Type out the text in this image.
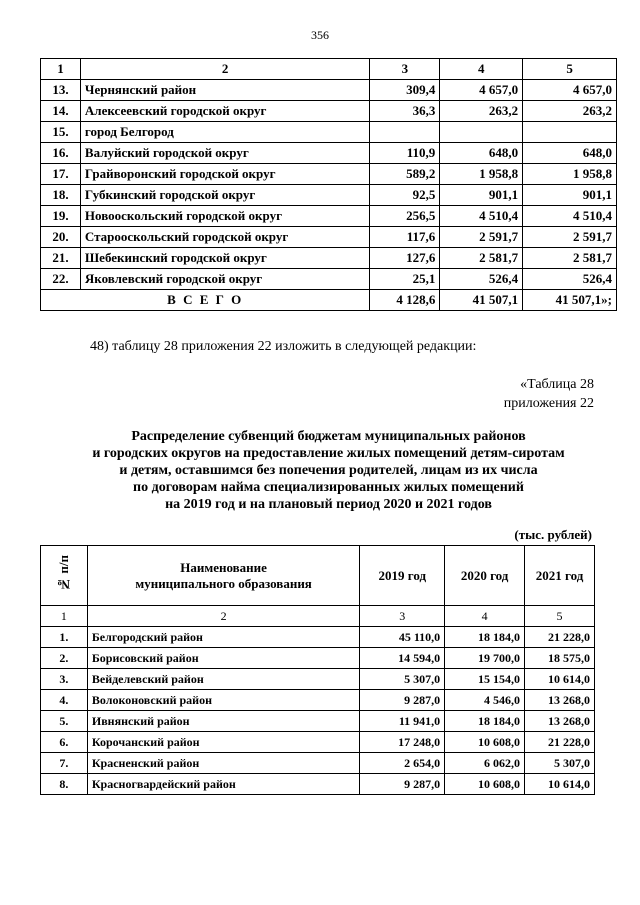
356
1	2	3	4	5
13.	Чернянский район	309,4	4 657,0	4 657,0
14.	Алексеевский городской округ	36,3	263,2	263,2
15.	город Белгород			
16.	Валуйский городской округ	110,9	648,0	648,0
17.	Грайворонский городской округ	589,2	1 958,8	1 958,8
18.	Губкинский городской округ	92,5	901,1	901,1
19.	Новооскольский городской округ	256,5	4 510,4	4 510,4
20.	Старооскольский городской округ	117,6	2 591,7	2 591,7
21.	Шебекинский городской округ	127,6	2 581,7	2 581,7
22.	Яковлевский городской округ	25,1	526,4	526,4
В С Е Г О		4 128,6	41 507,1	41 507,1»;
48) таблицу 28 приложения 22 изложить в следующей редакции:
«Таблица 28
приложения 22
Распределение субвенций бюджетам муниципальных районов
и городских округов на предоставление жилых помещений детям-сиротам
и детям, оставшимся без попечения родителей, лицам из их числа
по договорам найма специализированных жилых помещений
на 2019 год и на плановый период 2020 и 2021 годов
(тыс. рублей)
№ п/п	Наименование
муниципального образования	2019 год	2020 год	2021 год
1	2	3	4	5
1.	Белгородский район	45 110,0	18 184,0	21 228,0
2.	Борисовский район	14 594,0	19 700,0	18 575,0
3.	Вейделевский район	5 307,0	15 154,0	10 614,0
4.	Волоконовский район	9 287,0	4 546,0	13 268,0
5.	Ивнянский район	11 941,0	18 184,0	13 268,0
6.	Корочанский район	17 248,0	10 608,0	21 228,0
7.	Красненский район	2 654,0	6 062,0	5 307,0
8.	Красногвардейский район	9 287,0	10 608,0	10 614,0
